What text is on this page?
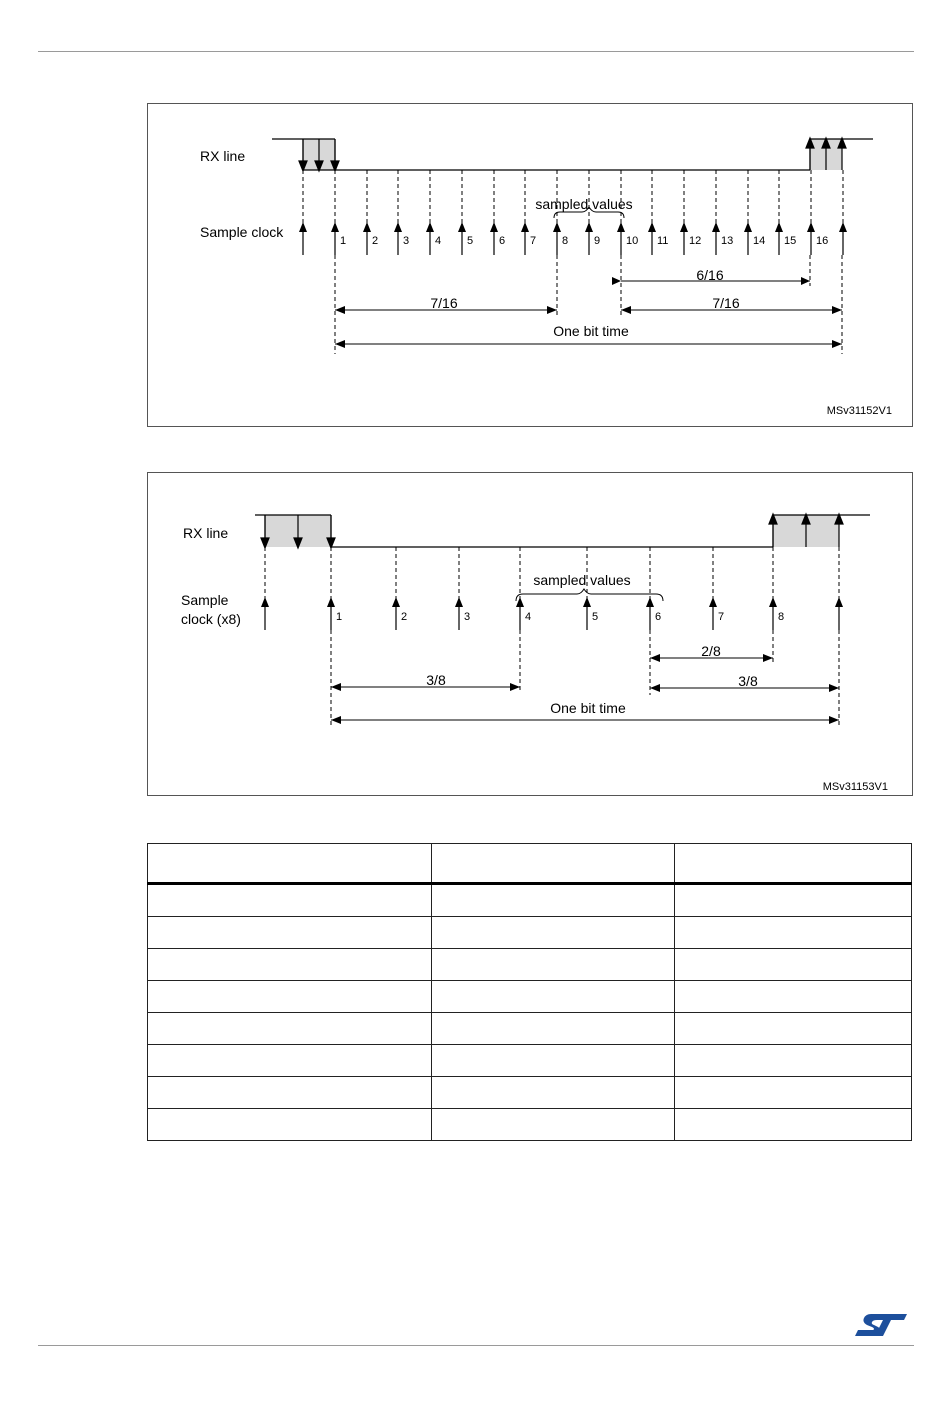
1 2 3 4 5 6 7 8 9 10 11 12 13 14 15 16
RX line
Sample clock
sampled values
6/16
7/16	7/16
One bit time
MSv31152V1
1	2	3	4	5	6	7	8
RX line
Sample
clock (x8)
sampled values
2/8
3/8	3/8
One bit time
MSv31153V1
